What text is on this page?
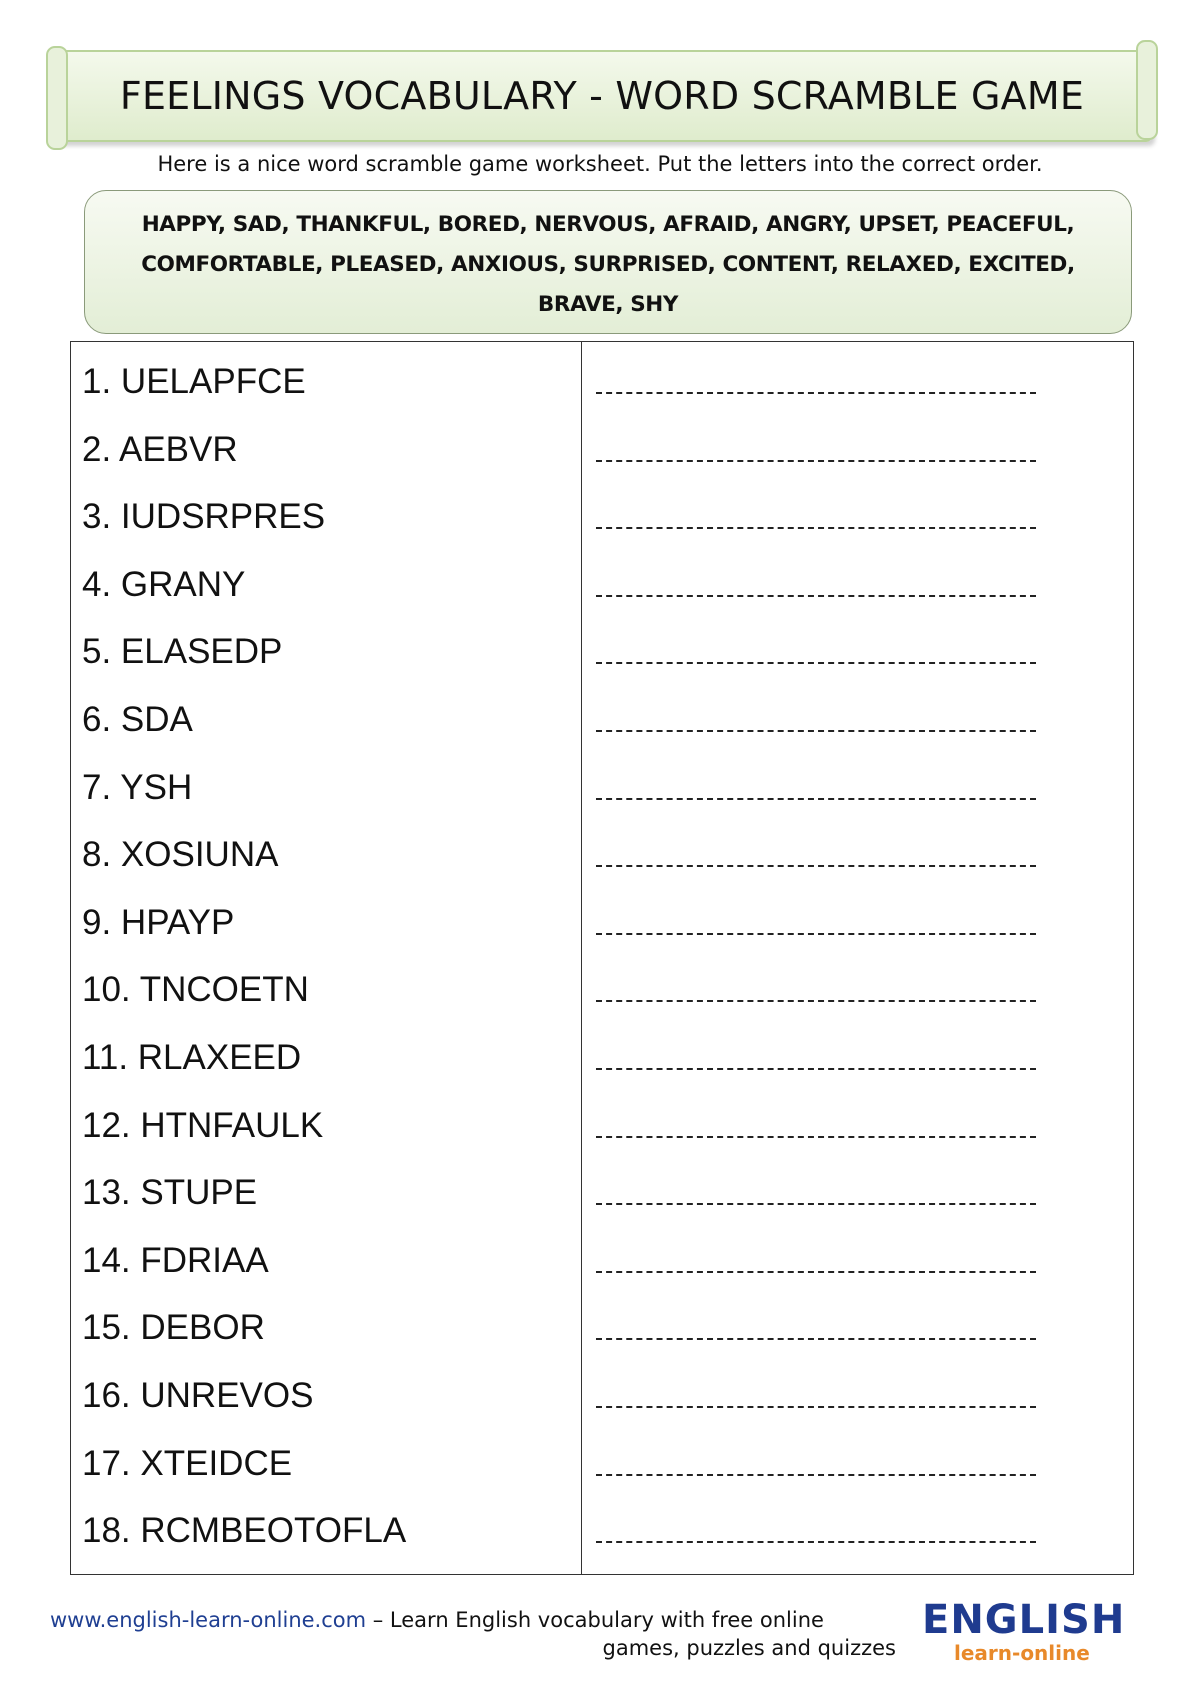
FEELINGS VOCABULARY - WORD SCRAMBLE GAME
Here is a nice word scramble game worksheet. Put the letters into the correct order.
HAPPY, SAD, THANKFUL, BORED, NERVOUS, AFRAID, ANGRY, UPSET, PEACEFUL, COMFORTABLE, PLEASED, ANXIOUS, SURPRISED, CONTENT, RELAXED, EXCITED, BRAVE, SHY
1. UELAPFCE
2. AEBVR
3. IUDSRPRES
4. GRANY
5. ELASEDP
6. SDA
7. YSH
8. XOSIUNA
9. HPAYP
10. TNCOETN
11. RLAXEED
12. HTNFAULK
13. STUPE
14. FDRIAA
15. DEBOR
16. UNREVOS
17. XTEIDCE
18. RCMBEOTOFLA
www.english-learn-online.com – Learn English vocabulary with free online
games, puzzles and quizzes
ENGLISH
learn-online
